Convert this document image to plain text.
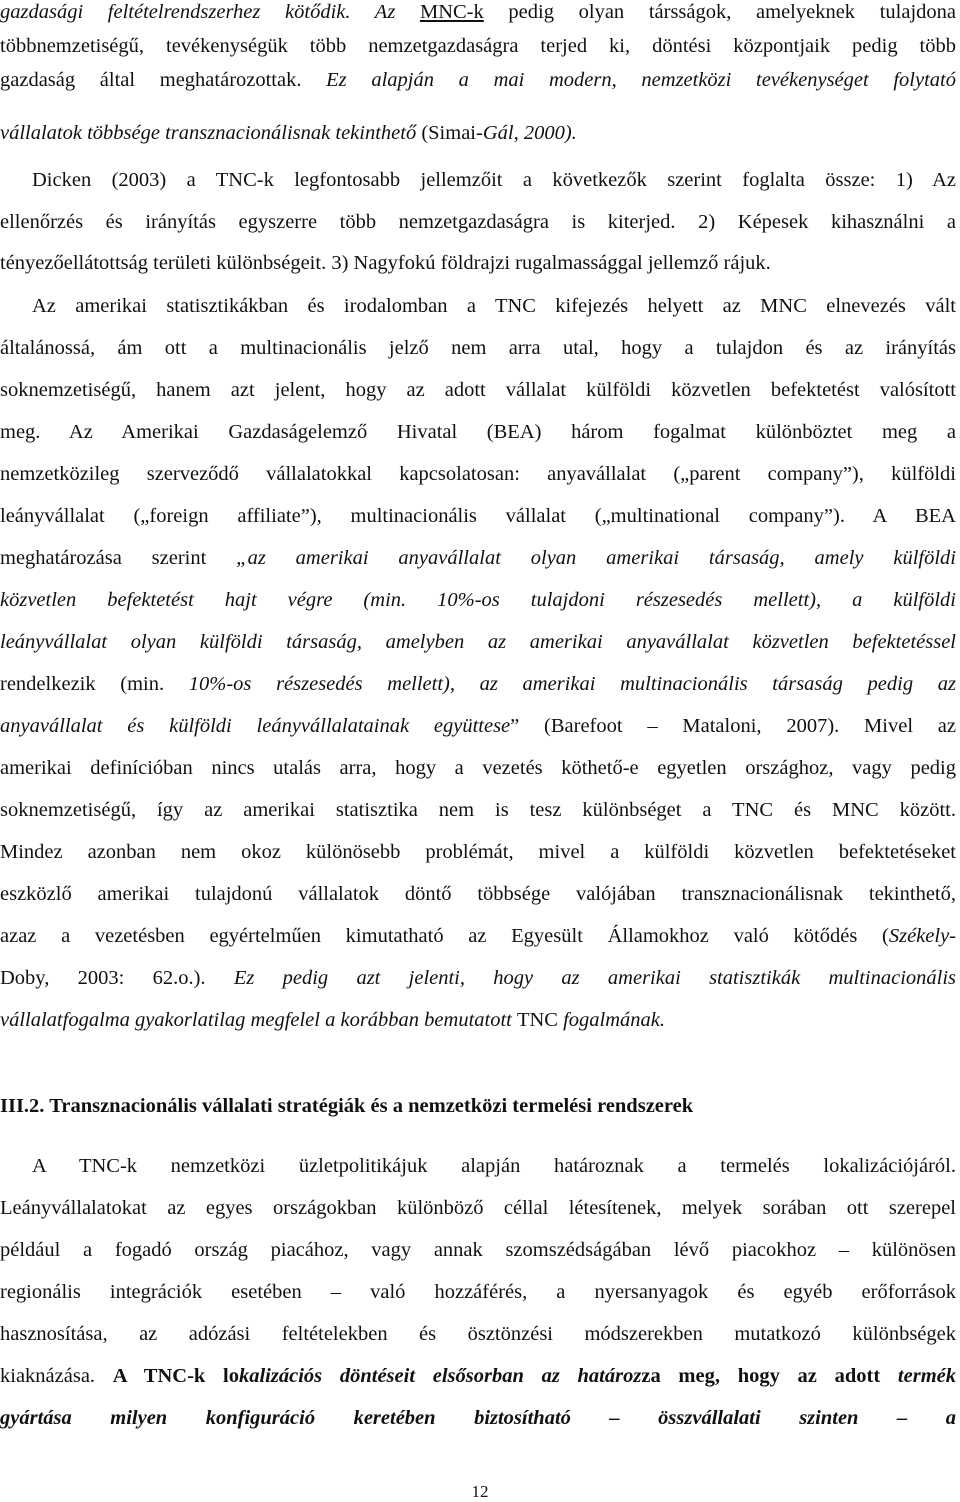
gazdasági feltételrendszerhez kötődik. Az MNC-k pedig olyan társságok, amelyeknek tulajdona
többnemzetiségű, tevékenységük több nemzetgazdaságra terjed ki, döntési központjaik pedig több
gazdaság által meghatározottak. Ez alapján a mai modern, nemzetközi tevékenységet folytató
vállalatok többsége transznacionálisnak tekinthető (Simai-Gál, 2000).
Dicken (2003) a TNC-k legfontosabb jellemzőit a következők szerint foglalta össze: 1) Az
ellenőrzés és irányítás egyszerre több nemzetgazdaságra is kiterjed. 2) Képesek kihasználni a
tényezőellátottság területi különbségeit. 3) Nagyfokú földrajzi rugalmassággal jellemző rájuk.
Az amerikai statisztikákban és irodalomban a TNC kifejezés helyett az MNC elnevezés vált
általánossá, ám ott a multinacionális jelző nem arra utal, hogy a tulajdon és az irányítás
soknemzetiségű, hanem azt jelent, hogy az adott vállalat külföldi közvetlen befektetést valósított
meg. Az Amerikai Gazdaságelemző Hivatal (BEA) három fogalmat különböztet meg a
nemzetközileg szerveződő vállalatokkal kapcsolatosan: anyavállalat („parent company”), külföldi
leányvállalat („foreign affiliate”), multinacionális vállalat („multinational company”). A BEA
meghatározása szerint „az amerikai anyavállalat olyan amerikai társaság, amely külföldi
közvetlen befektetést hajt végre (min. 10%-os tulajdoni részesedés mellett), a külföldi
leányvállalat olyan külföldi társaság, amelyben az amerikai anyavállalat közvetlen befektetéssel
rendelkezik (min. 10%-os részesedés mellett), az amerikai multinacionális társaság pedig az
anyavállalat és külföldi leányvállalatainak együttese” (Barefoot – Mataloni, 2007). Mivel az
amerikai definícióban nincs utalás arra, hogy a vezetés köthető-e egyetlen országhoz, vagy pedig
soknemzetiségű, így az amerikai statisztika nem is tesz különbséget a TNC és MNC között.
Mindez azonban nem okoz különösebb problémát, mivel a külföldi közvetlen befektetéseket
eszközlő amerikai tulajdonú vállalatok döntő többsége valójában transznacionálisnak tekinthető,
azaz a vezetésben egyértelműen kimutatható az Egyesült Államokhoz való kötődés (Székely-
Doby, 2003: 62.o.). Ez pedig azt jelenti, hogy az amerikai statisztikák multinacionális
vállalatfogalma gyakorlatilag megfelel a korábban bemutatott TNC fogalmának.
III.2. Transznacionális vállalati stratégiák és a nemzetközi termelési rendszerek
A TNC-k nemzetközi üzletpolitikájuk alapján határoznak a termelés lokalizációjáról.
Leányvállalatokat az egyes országokban különböző céllal létesítenek, melyek sorában ott szerepel
például a fogadó ország piacához, vagy annak szomszédságában lévő piacokhoz – különösen
regionális integrációk esetében – való hozzáférés, a nyersanyagok és egyéb erőforrások
hasznosítása, az adózási feltételekben és ösztönzési módszerekben mutatkozó különbségek
kiaknázása. A TNC-k lokalizációs döntéseit elsősorban az határozza meg, hogy az adott termék
gyártása milyen konfiguráció keretében biztosítható – összvállalati szinten – a
12
